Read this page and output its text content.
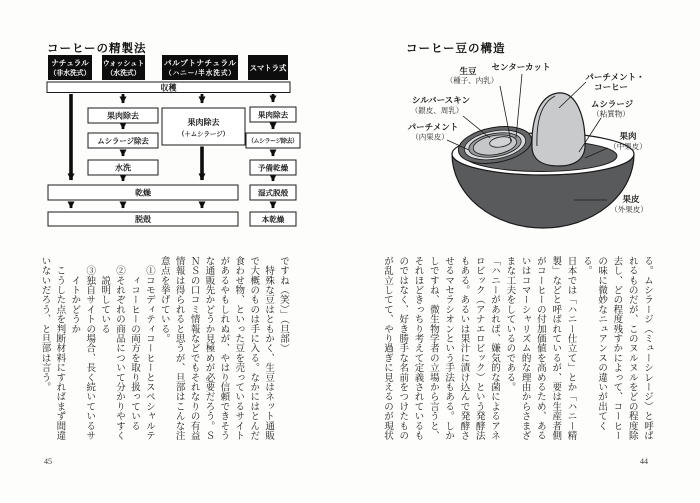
コーヒーの精製法
ナチュラル
（非水洗式）
ウォッシュト
（水洗式）
パルプトナチュラル
（ハニー/半水洗式）
スマトラ式
収穫
果肉除去
ムシラージ除去
水洗
果肉除去
（＋ムシラージ）
果肉除去
（ムシラージ除去）
予備乾燥
湿式脱殻
本乾燥
乾燥
脱殻
コーヒー豆の構造
センターカット
生豆
（種子、内乳）
シルバースキン
（銀皮、周乳）
パーチメント
（内果皮）
パーチメント・
コーヒー
ムシラージ
（粘質物）
果肉
（中果皮）
果皮
（外果皮）
ですね（笑）」（旦部）
　特殊な豆はともかく、生豆はネット通販
で大概のものは手に入る。なかにはとんだ
食わせ物、といった豆を売っているサイト
があるやもしれぬが、やはり信頼できそう
な通販先かどうか見極めが必要だろう。Ｓ
ＮＳの口コミ情報などでもそれなりの有益
情報は得られると思うが、旦部はこんな注
意点を挙げている。
　①コモディティコーヒーとスペシャルテ
　　ィコーヒーの両方を取り扱っている
　②それぞれの商品について分かりやすく
　　説明している
　③独自サイトの場合、長く続いているサ
　　イトかどうか
　こうした点を判断材料にすればまず間違
いないだろう、と旦部は言う。	る。ムシラージ（ミューシレージ）と呼ば
れるものだが、このヌルヌルをどの程度除
去し、どの程度残すかによって、コーヒー
の味に微妙なニュアンスの違いが出てくる。
日本では「ハニー仕立て」とか「ハニー精
製」などと呼ばれているが、要は生産者側
がコーヒーの付加価値を高めるため、ある
いはコマーシャリズム的な理由からさまざ
まな工夫をしているのである。
「ハニーがあれば、嫌気的な菌によるアネ
ロビック（アナエロビック）という発酵法
もある。あるいは果汁に漬け込んで発酵さ
せるマセラシオンという手法もある。しか
しですね、微生物学者の立場から言うと、
それほどきっちり考えて定義されているも
のではなく、好き勝手な名前をつけたもの
が乱立してて、やり過ぎに見えるのが現状
45	44
